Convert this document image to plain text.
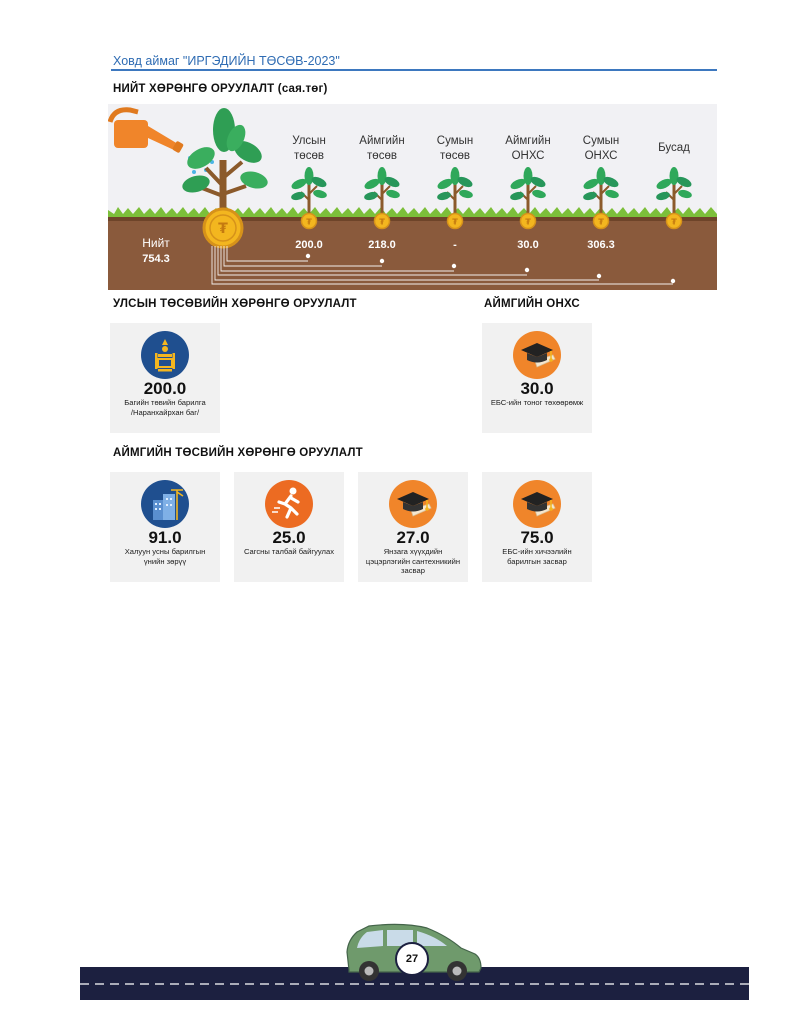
Ховд аймаг "ИРГЭДИЙН ТӨСӨВ-2023"
НИЙТ ХӨРӨНГӨ ОРУУЛАЛТ (сая.төг)
₮	₮	₮	₮	₮	₮	₮
Улсын
төсөв
200.0
Аймгийн
төсөв
218.0
Сумын
төсөв
-
Аймгийн
ОНХС
30.0
Сумын
ОНХС
306.3
Бусад
Нийт
754.3
УЛСЫН ТӨСӨВИЙН ХӨРӨНГӨ ОРУУЛАЛТ
200.0
Багийн төвийн барилга
/Наранхайрхан баг/
АЙМГИЙН ОНХС
30.0
ЕБС-ийн тоног төхөөрөмж
АЙМГИЙН ТӨСВИЙН ХӨРӨНГӨ ОРУУЛАЛТ
91.0
Халуун усны барилгын
үнийн зөрүү
25.0
Сагсны талбай байгуулах
27.0
Янзага хүүхдийн
цэцэрлэгийн сантехникийн
засвар
75.0
ЕБС-ийн хичээлийн
барилгын засвар
27
